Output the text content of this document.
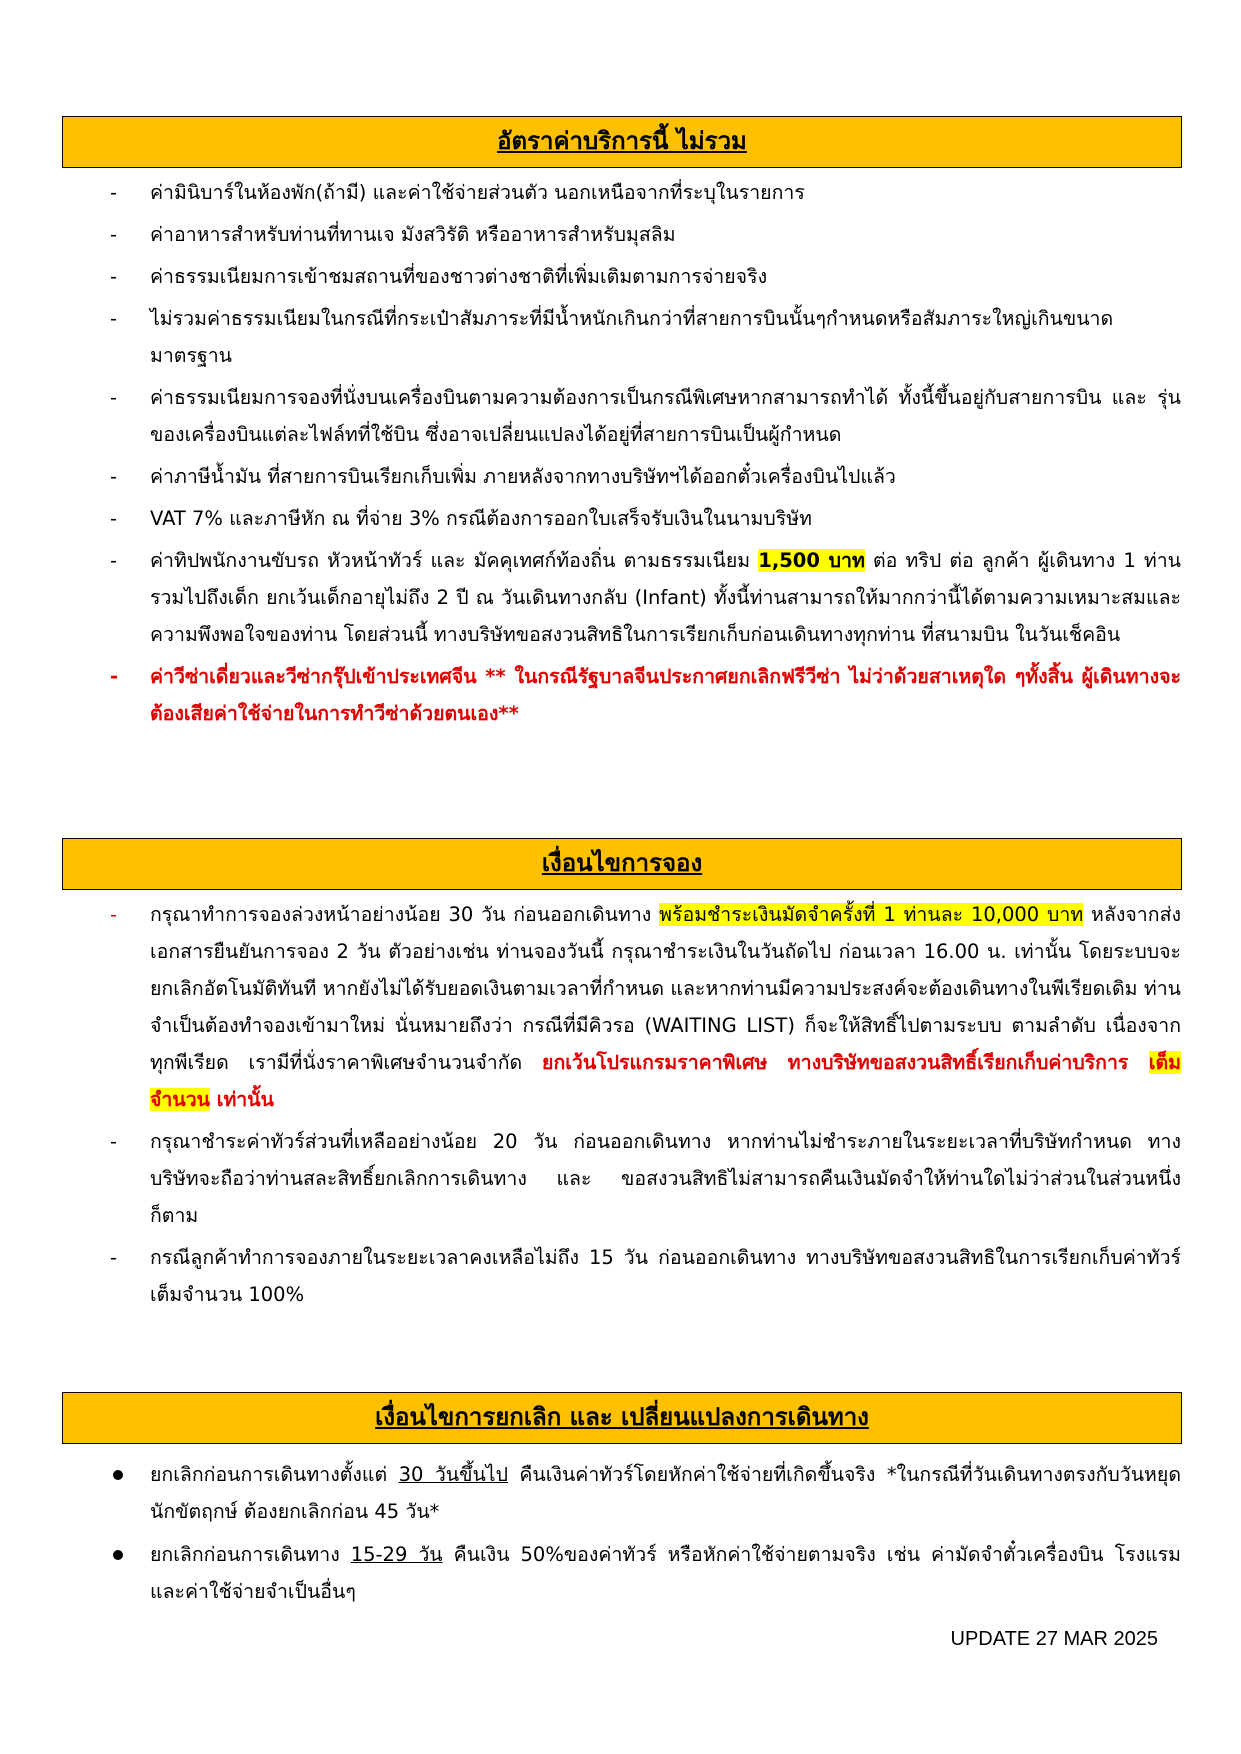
อัตราค่าบริการนี้ ไม่รวม

-	ค่ามินิบาร์ในห้องพัก(ถ้ามี) และค่าใช้จ่ายส่วนตัว นอกเหนือจากที่ระบุในรายการ

-	ค่าอาหารสำหรับท่านที่ทานเจ มังสวิรัติ หรืออาหารสำหรับมุสลิม

-	ค่าธรรมเนียมการเข้าชมสถานที่ของชาวต่างชาติที่เพิ่มเติมตามการจ่ายจริง

-	ไม่รวมค่าธรรมเนียมในกรณีที่กระเป๋าสัมภาระที่มีน้ำหนักเกินกว่าที่สายการบินนั้นๆกำหนดหรือสัมภาระใหญ่เกินขนาดมาตรฐาน

-	ค่าธรรมเนียมการจองที่นั่งบนเครื่องบินตามความต้องการเป็นกรณีพิเศษหากสามารถทำได้ ทั้งนี้ขึ้นอยู่กับสายการบิน และ รุ่นของเครื่องบินแต่ละไฟล์ทที่ใช้บิน ซึ่งอาจเปลี่ยนแปลงได้อยู่ที่สายการบินเป็นผู้กำหนด

-	ค่าภาษีน้ำมัน ที่สายการบินเรียกเก็บเพิ่ม ภายหลังจากทางบริษัทฯได้ออกตั๋วเครื่องบินไปแล้ว

-	VAT 7% และภาษีหัก ณ ที่จ่าย 3% กรณีต้องการออกใบเสร็จรับเงินในนามบริษัท

-	ค่าทิปพนักงานขับรถ หัวหน้าทัวร์ และ มัคคุเทศก์ท้องถิ่น ตามธรรมเนียม 1,500 บาท ต่อ ทริป ต่อ ลูกค้า ผู้เดินทาง 1 ท่าน รวมไปถึงเด็ก ยกเว้นเด็กอายุไม่ถึง 2 ปี ณ วันเดินทางกลับ (Infant) ทั้งนี้ท่านสามารถให้มากกว่านี้ได้ตามความเหมาะสมและความพึงพอใจของท่าน โดยส่วนนี้ ทางบริษัทขอสงวนสิทธิในการเรียกเก็บก่อนเดินทางทุกท่าน ที่สนามบิน ในวันเช็คอิน

-	ค่าวีซ่าเดี่ยวและวีซ่ากรุ๊ปเข้าประเทศจีน ** ในกรณีรัฐบาลจีนประกาศยกเลิกฟรีวีซ่า ไม่ว่าด้วยสาเหตุใด ๆทั้งสิ้น ผู้เดินทางจะต้องเสียค่าใช้จ่ายในการทำวีซ่าด้วยตนเอง**

เงื่อนไขการจอง

-	กรุณาทำการจองล่วงหน้าอย่างน้อย 30 วัน ก่อนออกเดินทาง พร้อมชำระเงินมัดจำครั้งที่ 1 ท่านละ 10,000 บาท หลังจากส่งเอกสารยืนยันการจอง 2 วัน ตัวอย่างเช่น ท่านจองวันนี้ กรุณาชำระเงินในวันถัดไป ก่อนเวลา 16.00 น. เท่านั้น โดยระบบจะยกเลิกอัตโนมัติทันที หากยังไม่ได้รับยอดเงินตามเวลาที่กำหนด และหากท่านมีความประสงค์จะต้องเดินทางในพีเรียดเดิม ท่านจำเป็นต้องทำจองเข้ามาใหม่ นั่นหมายถึงว่า กรณีที่มีคิวรอ (WAITING LIST) ก็จะให้สิทธิ์ไปตามระบบ ตามลำดับ เนื่องจากทุกพีเรียด เรามีที่นั่งราคาพิเศษจำนวนจำกัด ยกเว้นโปรแกรมราคาพิเศษ ทางบริษัทขอสงวนสิทธิ์เรียกเก็บค่าบริการ เต็มจำนวน เท่านั้น

-	กรุณาชำระค่าทัวร์ส่วนที่เหลืออย่างน้อย 20 วัน ก่อนออกเดินทาง หากท่านไม่ชำระภายในระยะเวลาที่บริษัทกำหนด ทางบริษัทจะถือว่าท่านสละสิทธิ์ยกเลิกการเดินทาง และ ขอสงวนสิทธิไม่สามารถคืนเงินมัดจำให้ท่านใดไม่ว่าส่วนในส่วนหนึ่งก็ตาม

-	กรณีลูกค้าทำการจองภายในระยะเวลาคงเหลือไม่ถึง 15 วัน ก่อนออกเดินทาง ทางบริษัทขอสงวนสิทธิในการเรียกเก็บค่าทัวร์เต็มจำนวน 100%

เงื่อนไขการยกเลิก และ เปลี่ยนแปลงการเดินทาง

ยกเลิกก่อนการเดินทางตั้งแต่ 30 วันขึ้นไป คืนเงินค่าทัวร์โดยหักค่าใช้จ่ายที่เกิดขึ้นจริง *ในกรณีที่วันเดินทางตรงกับวันหยุดนักขัตฤกษ์ ต้องยกเลิกก่อน 45 วัน*

ยกเลิกก่อนการเดินทาง 15-29 วัน คืนเงิน 50%ของค่าทัวร์ หรือหักค่าใช้จ่ายตามจริง เช่น ค่ามัดจำตั๋วเครื่องบิน โรงแรม และค่าใช้จ่ายจำเป็นอื่นๆ

UPDATE 27 MAR 2025
